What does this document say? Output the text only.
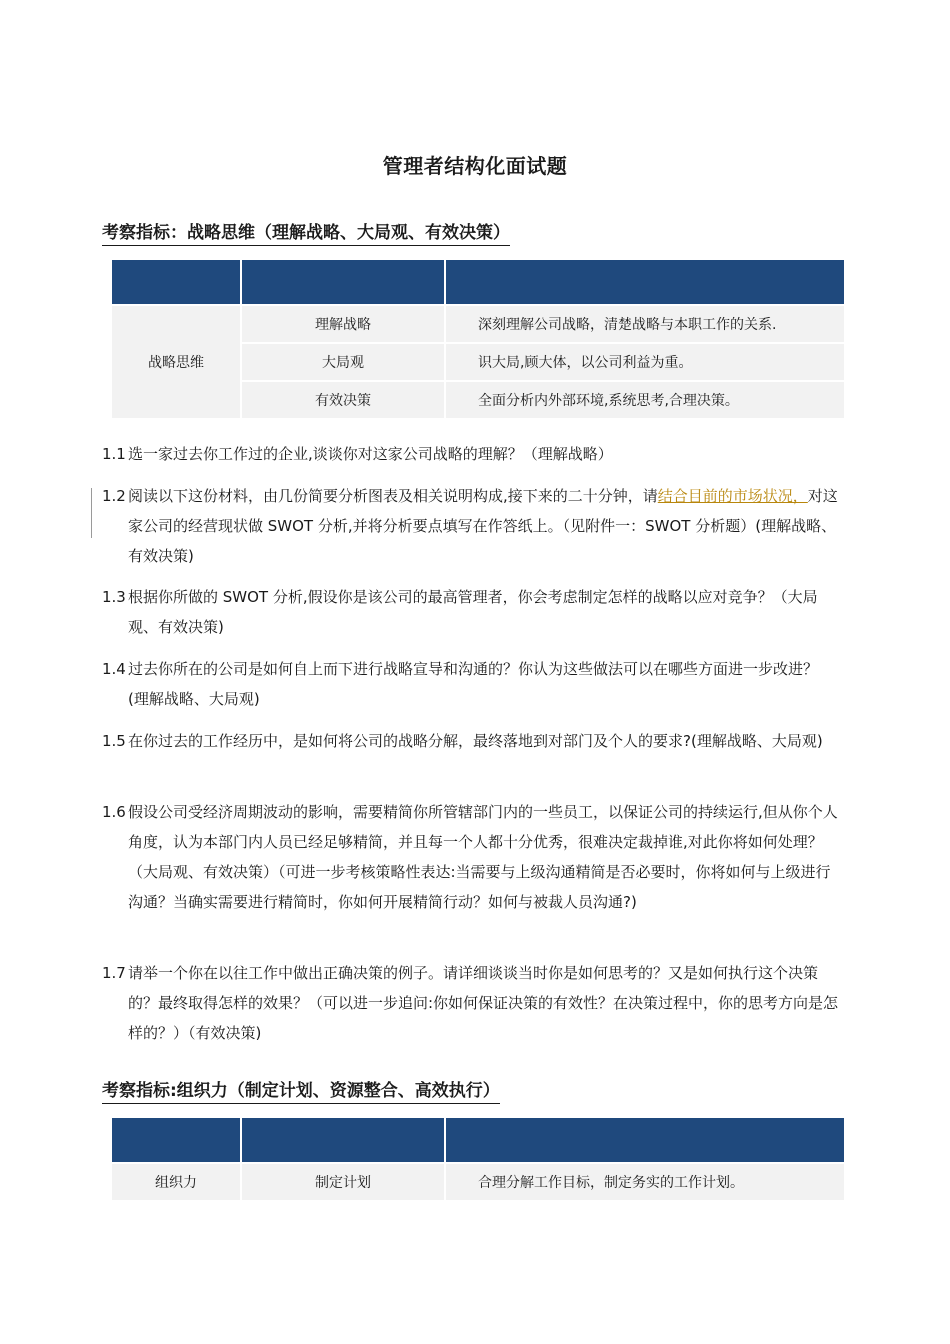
管理者结构化面试题
考察指标：战略思维（理解战略、大局观、有效决策）

战略思维	理解战略	深刻理解公司战略，清楚战略与本职工作的关系.
	大局观	识大局,顾大体，以公司利益为重。
	有效决策	全面分析内外部环境,系统思考,合理决策。
1.1 选一家过去你工作过的企业,谈谈你对这家公司战略的理解？（理解战略）
1.2 阅读以下这份材料，由几份简要分析图表及相关说明构成,接下来的二十分钟，请结合目前的市场状况，对这家公司的经营现状做 SWOT 分析,并将分析要点填写在作答纸上。（见附件一：SWOT 分析题）(理解战略、有效决策)
1.3 根据你所做的 SWOT 分析,假设你是该公司的最高管理者，你会考虑制定怎样的战略以应对竞争？（大局观、有效决策)
1.4 过去你所在的公司是如何自上而下进行战略宣导和沟通的？你认为这些做法可以在哪些方面进一步改进？ (理解战略、大局观)
1.5 在你过去的工作经历中，是如何将公司的战略分解，最终落地到对部门及个人的要求?(理解战略、大局观)
1.6 假设公司受经济周期波动的影响，需要精简你所管辖部门内的一些员工，以保证公司的持续运行,但从你个人角度，认为本部门内人员已经足够精简，并且每一个人都十分优秀，很难决定裁掉谁,对此你将如何处理？（大局观、有效决策）（可进一步考核策略性表达:当需要与上级沟通精简是否必要时，你将如何与上级进行沟通？当确实需要进行精简时，你如何开展精简行动？如何与被裁人员沟通?)
1.7 请举一个你在以往工作中做出正确决策的例子。请详细谈谈当时你是如何思考的？又是如何执行这个决策的？最终取得怎样的效果？（可以进一步追问:你如何保证决策的有效性？在决策过程中，你的思考方向是怎样的？）（有效决策)
考察指标:组织力（制定计划、资源整合、高效执行）

组织力	制定计划	合理分解工作目标，制定务实的工作计划。
